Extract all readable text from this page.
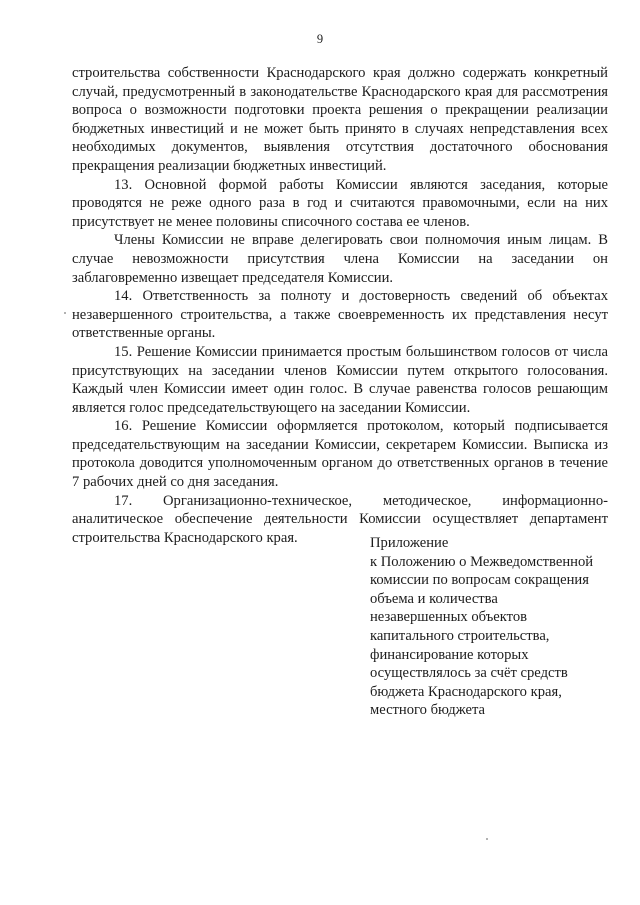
9

строительства собственности Краснодарского края должно содержать конкретный случай, предусмотренный в законодательстве Краснодарского края для рассмотрения вопроса о возможности подготовки проекта решения о прекращении реализации бюджетных инвестиций и не может быть принято в случаях непредставления всех необходимых документов, выявления отсутствия достаточного обоснования прекращения реализации бюджетных инвестиций.

13. Основной формой работы Комиссии являются заседания, которые проводятся не реже одного раза в год и считаются правомочными, если на них присутствует не менее половины списочного состава ее членов.

Члены Комиссии не вправе делегировать свои полномочия иным лицам. В случае невозможности присутствия члена Комиссии на заседании он заблаговременно извещает председателя Комиссии.

14. Ответственность за полноту и достоверность сведений об объектах незавершенного строительства, а также своевременность их представления несут ответственные органы.

15. Решение Комиссии принимается простым большинством голосов от числа присутствующих на заседании членов Комиссии путем открытого голосования. Каждый член Комиссии имеет один голос. В случае равенства голосов решающим является голос председательствующего на заседании Комиссии.

16. Решение Комиссии оформляется протоколом, который подписывается председательствующим на заседании Комиссии, секретарем Комиссии. Выписка из протокола доводится уполномоченным органом до ответственных органов в течение 7 рабочих дней со дня заседания.

17. Организационно-техническое, методическое, информационно-аналитическое обеспечение деятельности Комиссии осуществляет департамент строительства Краснодарского края.	Приложение
к Положению о Межведомственной
комиссии по вопросам сокращения
объема и количества
незавершенных объектов
капитального строительства,
финансирование которых
осуществлялось за счёт средств
бюджета Краснодарского края,
местного бюджета
